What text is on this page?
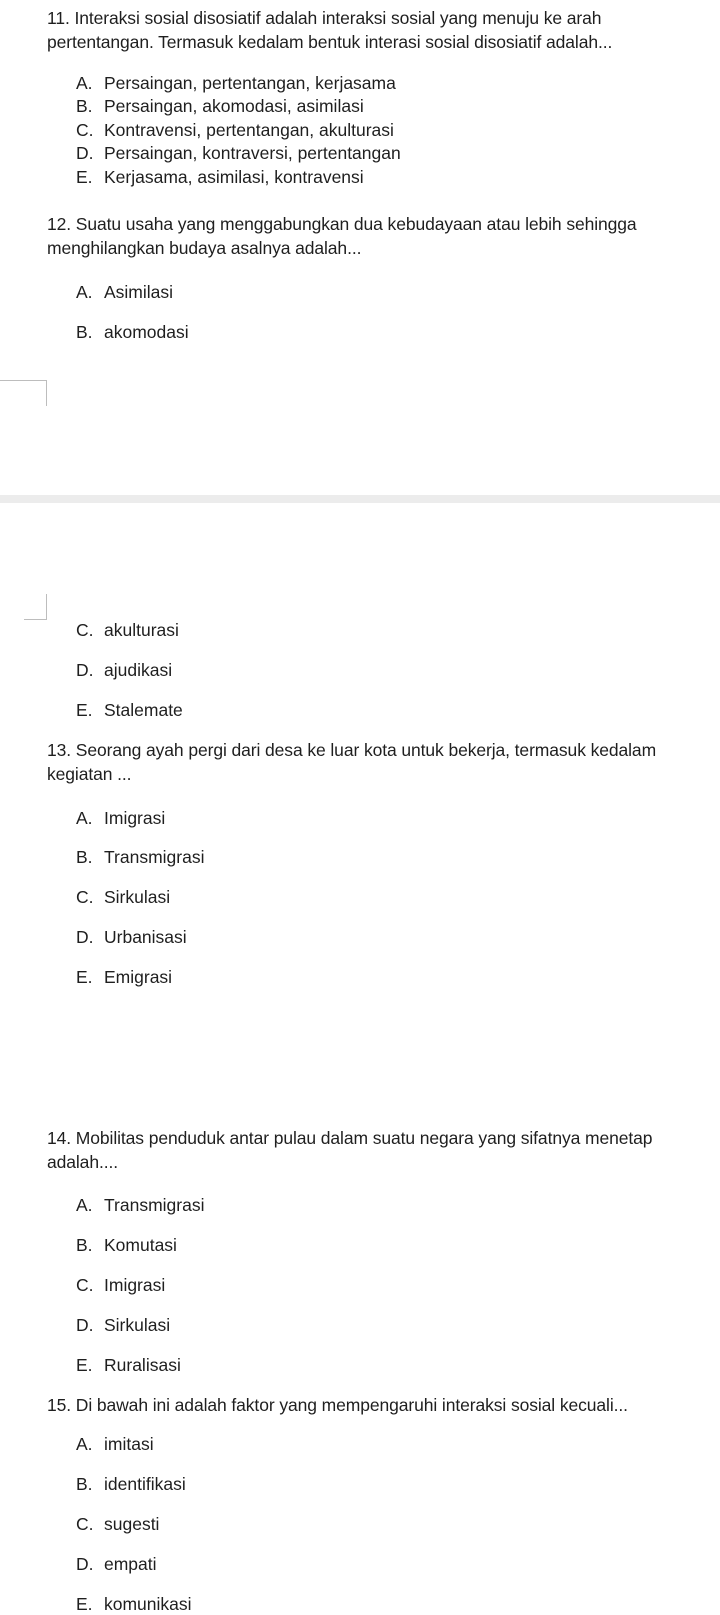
11. Interaksi sosial disosiatif adalah interaksi sosial yang menuju ke arah
pertentangan. Termasuk kedalam bentuk interasi sosial disosiatif adalah...
A. Persaingan, pertentangan, kerjasama
B. Persaingan, akomodasi, asimilasi
C. Kontravensi, pertentangan, akulturasi
D. Persaingan, kontraversi, pertentangan
E. Kerjasama, asimilasi, kontravensi
12. Suatu usaha yang menggabungkan dua kebudayaan atau lebih sehingga
menghilangkan budaya asalnya adalah...
A. Asimilasi
B. akomodasi
C. akulturasi
D. ajudikasi
E. Stalemate
13. Seorang ayah pergi dari desa ke luar kota untuk bekerja, termasuk kedalam
kegiatan ...
A. Imigrasi
B. Transmigrasi
C. Sirkulasi
D. Urbanisasi
E. Emigrasi
14. Mobilitas penduduk antar pulau dalam suatu negara yang sifatnya menetap
adalah....
A. Transmigrasi
B. Komutasi
C. Imigrasi
D. Sirkulasi
E. Ruralisasi
15. Di bawah ini adalah faktor yang mempengaruhi interaksi sosial kecuali...
A. imitasi
B. identifikasi
C. sugesti
D. empati
E. komunikasi
